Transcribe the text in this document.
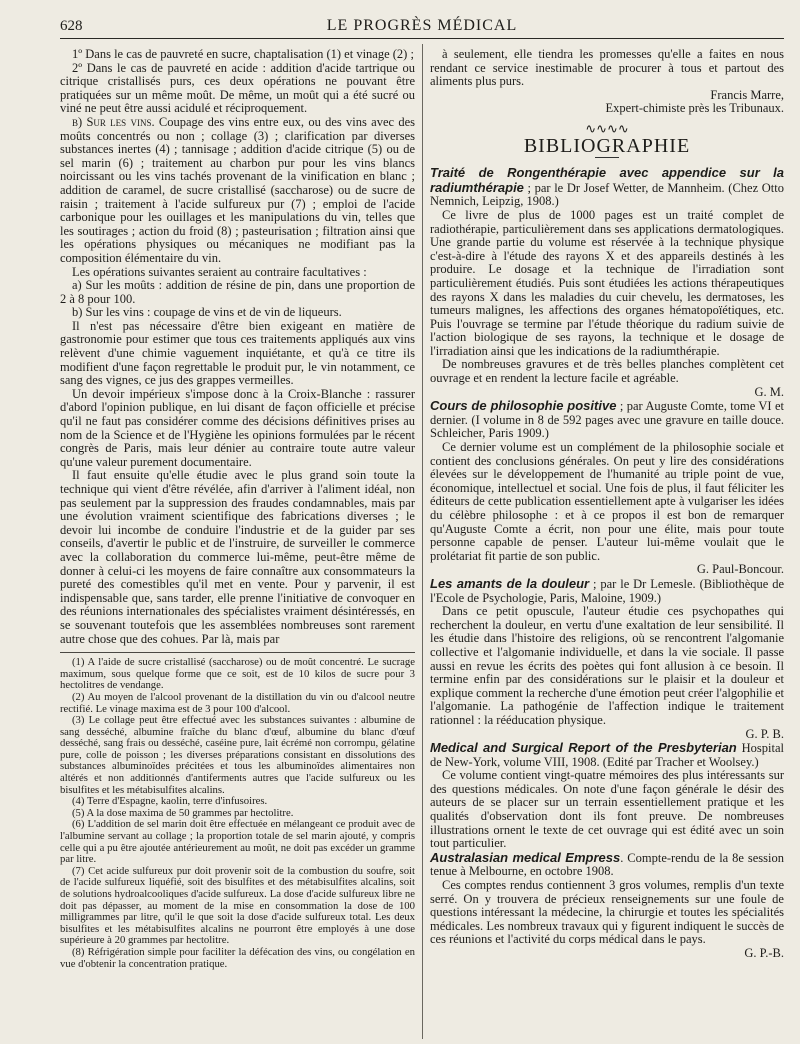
628	LE PROGRÈS MÉDICAL

1º Dans le cas de pauvreté en sucre, chaptalisation (1) et vinage (2) ;

2º Dans le cas de pauvreté en acide : addition d'acide tartrique ou citrique cristallisés purs, ces deux opérations ne pouvant être pratiquées sur un même moût. De même, un moût qui a été sucré ou viné ne peut être aussi acidulé et réciproquement.

b) Sur les vins. Coupage des vins entre eux, ou des vins avec des moûts concentrés ou non ; collage (3) ; clarification par diverses substances inertes (4) ; tannisage ; addition d'acide citrique (5) ou de sel marin (6) ; traitement au charbon pur pour les vins blancs noircissant ou les vins tachés provenant de la vinification en blanc ; addition de caramel, de sucre cristallisé (saccharose) ou de sucre de raisin ; traitement à l'acide sulfureux pur (7) ; emploi de l'acide carbonique pour les ouillages et les manipulations du vin, telles que les soutirages ; action du froid (8) ; pasteurisation ; filtration ainsi que les opérations physiques ou mécaniques ne modifiant pas la composition élémentaire du vin.

Les opérations suivantes seraient au contraire facultatives :

a) Sur les moûts : addition de résine de pin, dans une proportion de 2 à 8 pour 100.

b) Sur les vins : coupage de vins et de vin de liqueurs.

Il n'est pas nécessaire d'être bien exigeant en matière de gastronomie pour estimer que tous ces traitements appliqués aux vins relèvent d'une chimie vaguement inquiétante, et qu'à ce titre ils modifient d'une façon regrettable le produit pur, le vin notamment, ce sang des vignes, ce jus des grappes vermeilles.

Un devoir impérieux s'impose donc à la Croix-Blanche : rassurer d'abord l'opinion publique, en lui disant de façon officielle et précise qu'il ne faut pas considérer comme des décisions définitives prises au nom de la Science et de l'Hygiène les opinions formulées par le récent congrès de Paris, mais leur dénier au contraire toute autre valeur qu'une valeur purement documentaire.

Il faut ensuite qu'elle étudie avec le plus grand soin toute la technique qui vient d'être révélée, afin d'arriver à l'aliment idéal, non pas seulement par la suppression des fraudes condamnables, mais par une évolution vraiment scientifique des fabrications diverses ; le devoir lui incombe de conduire l'industrie et de la guider par ses conseils, d'avertir le public et de l'instruire, de surveiller le commerce avec la collaboration du commerce lui-même, peut-être même de donner à celui-ci les moyens de faire connaître aux consommateurs la pureté des comestibles qu'il met en vente. Pour y parvenir, il est indispensable que, sans tarder, elle prenne l'initiative de convoquer en des réunions internationales des spécialistes vraiment désintéressés, en se souvenant toutefois que les assemblées nombreuses sont rarement autre chose que des cohues. Par là, mais par

(1) A l'aide de sucre cristallisé (saccharose) ou de moût concentré. Le sucrage maximum, sous quelque forme que ce soit, est de 10 kilos de sucre pour 3 hectolitres de vendange.

(2) Au moyen de l'alcool provenant de la distillation du vin ou d'alcool neutre rectifié. Le vinage maxima est de 3 pour 100 d'alcool.

(3) Le collage peut être effectué avec les substances suivantes : albumine de sang desséché, albumine fraîche du blanc d'œuf, albumine du blanc d'œuf desséché, sang frais ou desséché, caséine pure, lait écrémé non corrompu, gélatine pure, colle de poisson ; les diverses préparations consistant en dissolutions des substances albuminoïdes précitées et tous les albuminoïdes alimentaires non altérés et non additionnés d'antiferments autres que l'acide sulfureux ou les bisulfites et les métabisulfites alcalins.

(4) Terre d'Espagne, kaolin, terre d'infusoires.

(5) A la dose maxima de 50 grammes par hectolitre.

(6) L'addition de sel marin doit être effectuée en mélangeant ce produit avec de l'albumine servant au collage ; la proportion totale de sel marin ajouté, y compris celle qui a pu être ajoutée antérieurement au moût, ne doit pas excéder un gramme par litre.

(7) Cet acide sulfureux pur doit provenir soit de la combustion du soufre, soit de l'acide sulfureux liquéfié, soit des bisulfites et des métabisulfites alcalins, soit de solutions hydroalcooliques d'acide sulfureux. La dose d'acide sulfureux libre ne doit pas dépasser, au moment de la mise en consommation la dose de 100 milligrammes par litre, qu'il le que soit la dose d'acide sulfureux total. Les deux bisulfites et les métabisulfites alcalins ne pourront être employés à une dose supérieure à 20 grammes par hectolitre.

(8) Réfrigération simple pour faciliter la défécation des vins, ou congélation en vue d'obtenir la concentration pratique.

à seulement, elle tiendra les promesses qu'elle a faites en nous rendant ce service inestimable de procurer à tous et partout des aliments plus purs.

Francis Marre,

Expert-chimiste près les Tribunaux.

∿∿∿∿
BIBLIOGRAPHIE

Traité de Rongenthérapie avec appendice sur la radiumthérapie ; par le Dr Josef Wetter, de Mannheim. (Chez Otto Nemnich, Leipzig, 1908.)

Ce livre de plus de 1000 pages est un traité complet de radiothérapie, particulièrement dans ses applications dermatologiques. Une grande partie du volume est réservée à la technique physique c'est-à-dire à l'étude des rayons X et des appareils destinés à les produire. Le dosage et la technique de l'irradiation sont particulièrement étudiés. Puis sont étudiées les actions thérapeutiques des rayons X dans les maladies du cuir chevelu, les dermatoses, les tumeurs malignes, les affections des organes hématopoïétiques, etc. Puis l'ouvrage se termine par l'étude théorique du radium suivie de l'action biologique de ses rayons, la technique et le dosage de l'irradiation ainsi que les indications de la radiumthérapie.

De nombreuses gravures et de très belles planches complètent cet ouvrage et en rendent la lecture facile et agréable.

G. M.

Cours de philosophie positive ; par Auguste Comte, tome VI et dernier. (I volume in 8 de 592 pages avec une gravure en taille douce. Schleicher, Paris 1909.)

Ce dernier volume est un complément de la philosophie sociale et contient des conclusions générales. On peut y lire des considérations élevées sur le développement de l'humanité au triple point de vue, économique, intellectuel et social. Une fois de plus, il faut féliciter les éditeurs de cette publication essentiellement apte à vulgariser les idées du célèbre philosophe : et à ce propos il est bon de remarquer qu'Auguste Comte a écrit, non pour une élite, mais pour toute personne capable de penser. L'auteur lui-même voulait que le prolétariat fit partie de son public.

G. Paul-Boncour.

Les amants de la douleur ; par le Dr Lemesle. (Bibliothèque de l'Ecole de Psychologie, Paris, Maloine, 1909.)

Dans ce petit opuscule, l'auteur étudie ces psychopathes qui recherchent la douleur, en vertu d'une exaltation de leur sensibilité. Il les étudie dans l'histoire des religions, où se rencontrent l'algomanie collective et l'algomanie individuelle, et dans la vie sociale. Il passe aussi en revue les écrits des poètes qui font allusion à ce besoin. Il termine enfin par des considérations sur le plaisir et la douleur et explique comment la recherche d'une émotion peut créer l'algophilie et l'algomanie. La pathogénie de l'affection indique le traitement rationnel : la rééducation physique.

G. P. B.

Medical and Surgical Report of the Presbyterian Hospital de New-York, volume VIII, 1908. (Edité par Tracher et Woolsey.)

Ce volume contient vingt-quatre mémoires des plus intéressants sur des questions médicales. On note d'une façon générale le désir des auteurs de se placer sur un terrain essentiellement pratique et les qualités d'observation dont ils font preuve. De nombreuses illustrations ornent le texte de cet ouvrage qui est édité avec un soin tout particulier.

Australasian medical Empress. Compte-rendu de la 8e session tenue à Melbourne, en octobre 1908.

Ces comptes rendus contiennent 3 gros volumes, remplis d'un texte serré. On y trouvera de précieux renseignements sur une foule de questions intéressant la médecine, la chirurgie et toutes les spécialités médicales. Les nombreux travaux qui y figurent indiquent le succès de ces réunions et l'activité du corps médical dans le pays.

G. P.-B.
